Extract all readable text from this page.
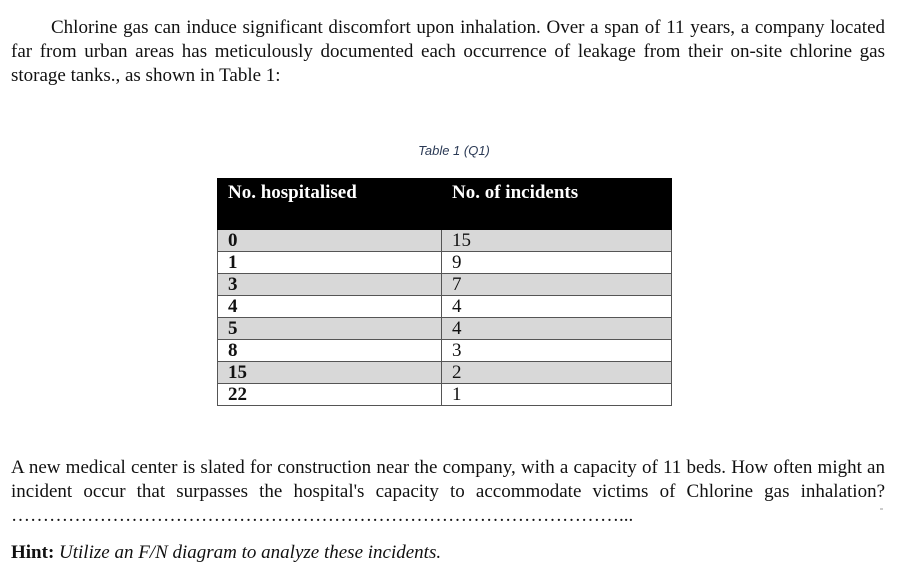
Chlorine gas can induce significant discomfort upon inhalation. Over a span of 11 years, a company located far from urban areas has meticulously documented each occurrence of leakage from their on-site chlorine gas storage tanks., as shown in Table 1:

Table 1 (Q1)
No. hospitalised	No. of incidents
0	15
1	9
3	7
4	4
5	4
8	3
15	2
22	1

A new medical center is slated for construction near the company, with a capacity of 11 beds. How often might an incident occur that surpasses the hospital's capacity to accommodate victims of Chlorine gas inhalation? ……………………………………………………………………………………...

Hint: Utilize an F/N diagram to analyze these incidents.
